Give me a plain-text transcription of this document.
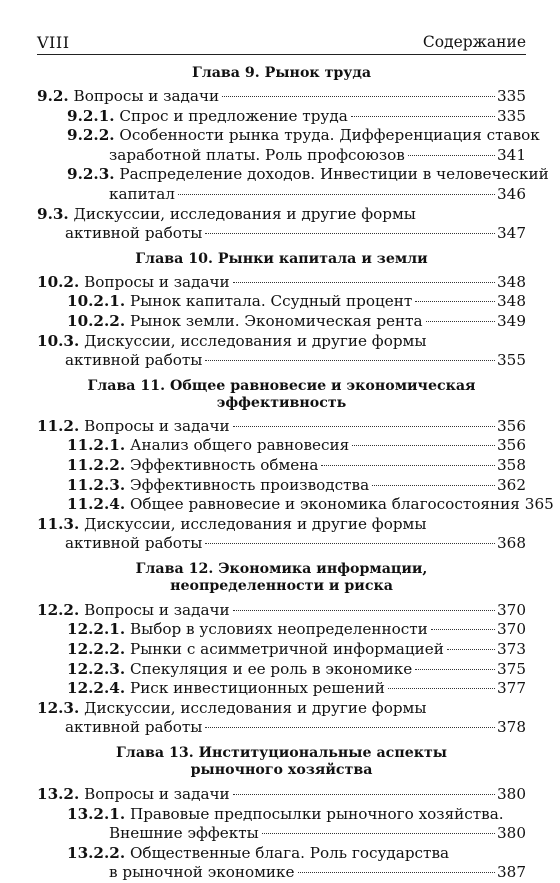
VIII	Содержание
Глава 9. Рынок труда
9.2. Вопросы и задачи	335
9.2.1. Спрос и предложение труда	335
9.2.2. Особенности рынка труда. Дифференциация ставок
заработной платы. Роль профсоюзов	341
9.2.3. Распределение доходов. Инвестиции в человеческий
капитал	346
9.3. Дискуссии, исследования и другие формы
активной работы	347
Глава 10. Рынки капитала и земли
10.2. Вопросы и задачи	348
10.2.1. Рынок капитала. Ссудный процент	348
10.2.2. Рынок земли. Экономическая рента	349
10.3. Дискуссии, исследования и другие формы
активной работы	355
Глава 11. Общее равновесие и экономическая эффективность
11.2. Вопросы и задачи	356
11.2.1. Анализ общего равновесия	356
11.2.2. Эффективность обмена	358
11.2.3. Эффективность производства	362
11.2.4. Общее равновесие и экономика благосостояния 365
11.3. Дискуссии, исследования и другие формы
активной работы	368
Глава 12. Экономика информации,
неопределенности и риска
12.2. Вопросы и задачи	370
12.2.1. Выбор в условиях неопределенности	370
12.2.2. Рынки с асимметричной информацией	373
12.2.3. Спекуляция и ее роль в экономике	375
12.2.4. Риск инвестиционных решений	377
12.3. Дискуссии, исследования и другие формы
активной работы	378
Глава 13. Институциональные аспекты
рыночного хозяйства
13.2. Вопросы и задачи	380
13.2.1. Правовые предпосылки рыночного хозяйства.
Внешние эффекты	380
13.2.2. Общественные блага. Роль государства
в рыночной экономике	387
